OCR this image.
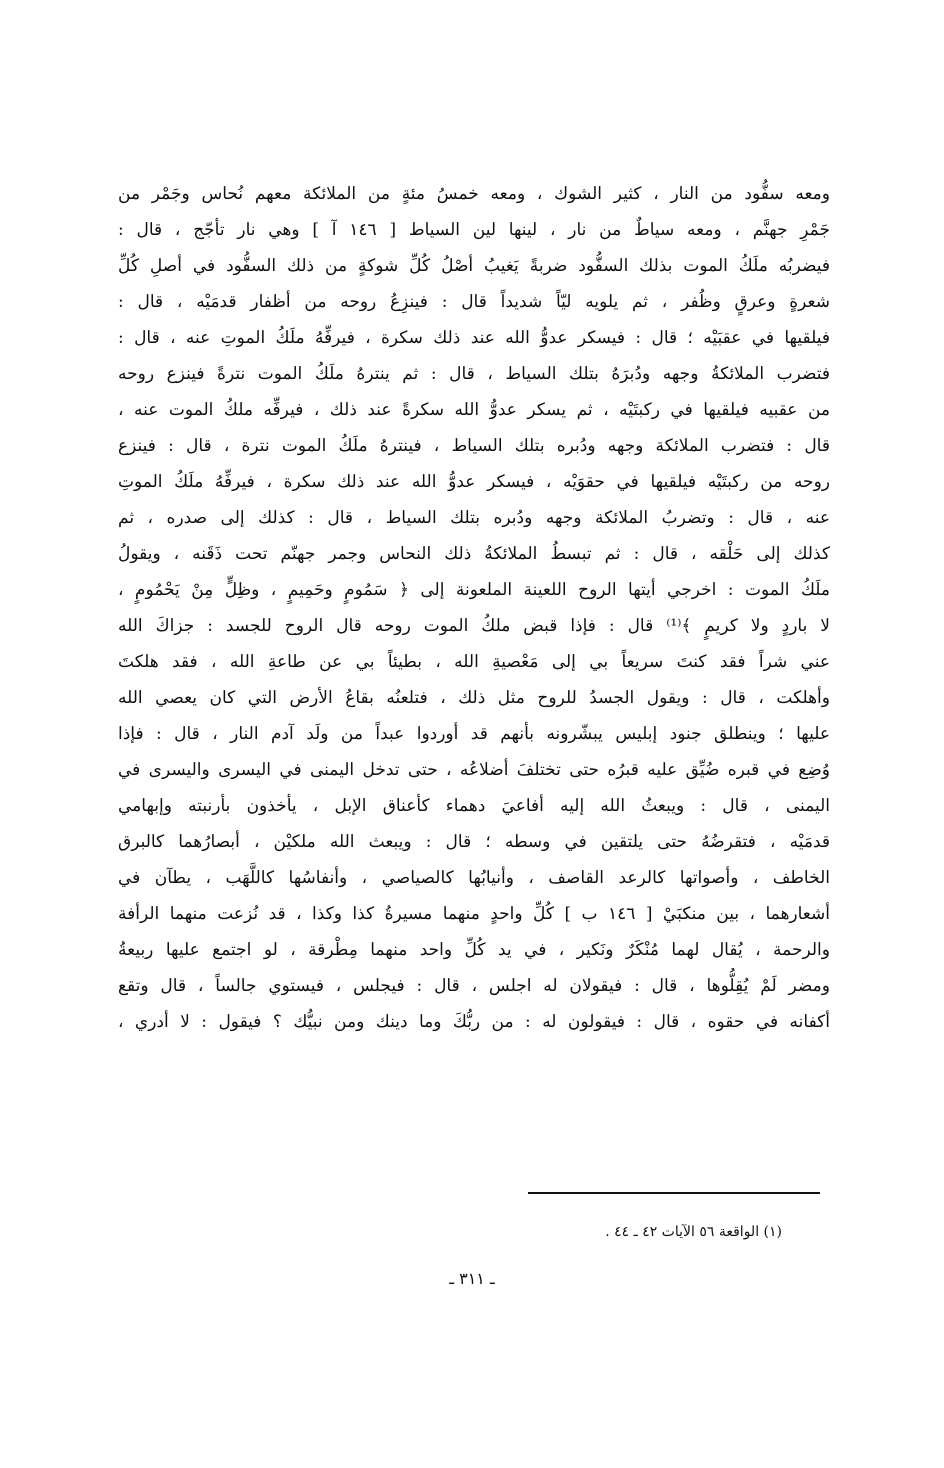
ومعه سفُّود من النار ، كثير الشوك ، ومعه خمسُ مئةٍ من الملائكة معهم نُحاس وجَمْر من
جَمْرِ جهنَّم ، ومعه سياطٌ من نار ، لينها لين السياط [ ١٤٦ آ ] وهي نار تأجّج ، قال :
فيضربُه ملَكُ الموت بذلك السفُّود ضربةً يَغيبُ أصْلُ كُلِّ شوكةٍ من ذلك السفُّود في أصلِ كُلِّ
شعرةٍ وعرقٍ وظُفر ، ثم يلويه ليّاً شديداً قال : فينزِعُ روحه من أظفار قدمَيْه ، قال :
فيلقيها في عقبَيْه ؛ قال : فيسكر عدوُّ الله عند ذلك سكرة ، فيرفِّهُ ملَكُ الموتِ عنه ، قال :
فتضرب الملائكةُ وجهه ودُبرَهُ بتلك السياط ، قال : ثم ينترهُ ملَكُ الموت نترةً فينزع روحه
من عقبيه فيلقيها في ركبتَيْه ، ثم يسكر عدوُّ الله سكرةً عند ذلك ، فيرفِّه ملكُ الموت عنه ،
قال : فتضرب الملائكة وجهه ودُبره بتلك السياط ، فينترهُ ملَكُ الموت نترة ، قال : فينزع
روحه من ركبتَيْه فيلقيها في حقوَيْه ، فيسكر عدوُّ الله عند ذلك سكرة ، فيرفِّهُ ملَكُ الموتِ
عنه ، قال : وتضربُ الملائكة وجهه ودُبره بتلك السياط ، قال : كذلك إلى صدره ، ثم
كذلك إلى حَلْقه ، قال : ثم تبسطُ الملائكةُ ذلك النحاس وجمر جهنّم تحت ذَقَنه ، ويقولُ
ملَكُ الموت : اخرجي أيتها الروح اللعينة الملعونة إلى ﴿ سَمُومٍ وحَمِيمٍ ، وظِلٍّ مِنْ يَحْمُومٍ ،
لا باردٍ ولا كريمٍ ﴾⁽¹⁾ قال : فإذا قبض ملكُ الموت روحه قال الروح للجسد : جزاكَ الله
عني شراً فقد كنتَ سريعاً بي إلى مَعْصيةِ الله ، بطيئاً بي عن طاعةِ الله ، فقد هلكتَ
وأهلكت ، قال : ويقول الجسدُ للروح مثل ذلك ، فتلعنُه بقاعُ الأرض التي كان يعصي الله
عليها ؛ وينطلق جنود إبليس يبشّرونه بأنهم قد أوردوا عبداً من ولَد آدم النار ، قال : فإذا
وُضِع في قبره ضُيِّق عليه قبرُه حتى تختلفَ أضلاعُه ، حتى تدخل اليمنى في اليسرى واليسرى في
اليمنى ، قال : ويبعثُ الله إليه أفاعيَ دهماء كأعناق الإبل ، يأخذون بأرنبته وإبهامي
قدمَيْه ، فتقرضُهُ حتى يلتقين في وسطه ؛ قال : ويبعث الله ملكيْن ، أبصارُهما كالبرق
الخاطف ، وأصواتها كالرعد القاصف ، وأنيابُها كالصياصي ، وأنفاسُها كاللَّهَب ، يطآن في
أشعارهما ، بين منكبَيْ [ ١٤٦ ب ] كُلِّ واحدٍ منهما مسيرةُ كذا وكذا ، قد نُزعت منهما الرأفة
والرحمة ، يُقال لهما مُنْكَرٌ ونَكير ، في يد كُلِّ واحد منهما مِطْرقة ، لو اجتمع عليها ربيعةُ
ومضر لَمْ يُقِلُّوها ، قال : فيقولان له اجلس ، قال : فيجلس ، فيستوي جالساً ، قال وتقع
أكفانه في حقوه ، قال : فيقولون له : من ربُّكَ وما دينك ومن نبيُّك ؟ فيقول : لا أدري ،
(١) الواقعة ٥٦ الآيات ٤٢ ـ ٤٤ .
ـ ٣١١ ـ
